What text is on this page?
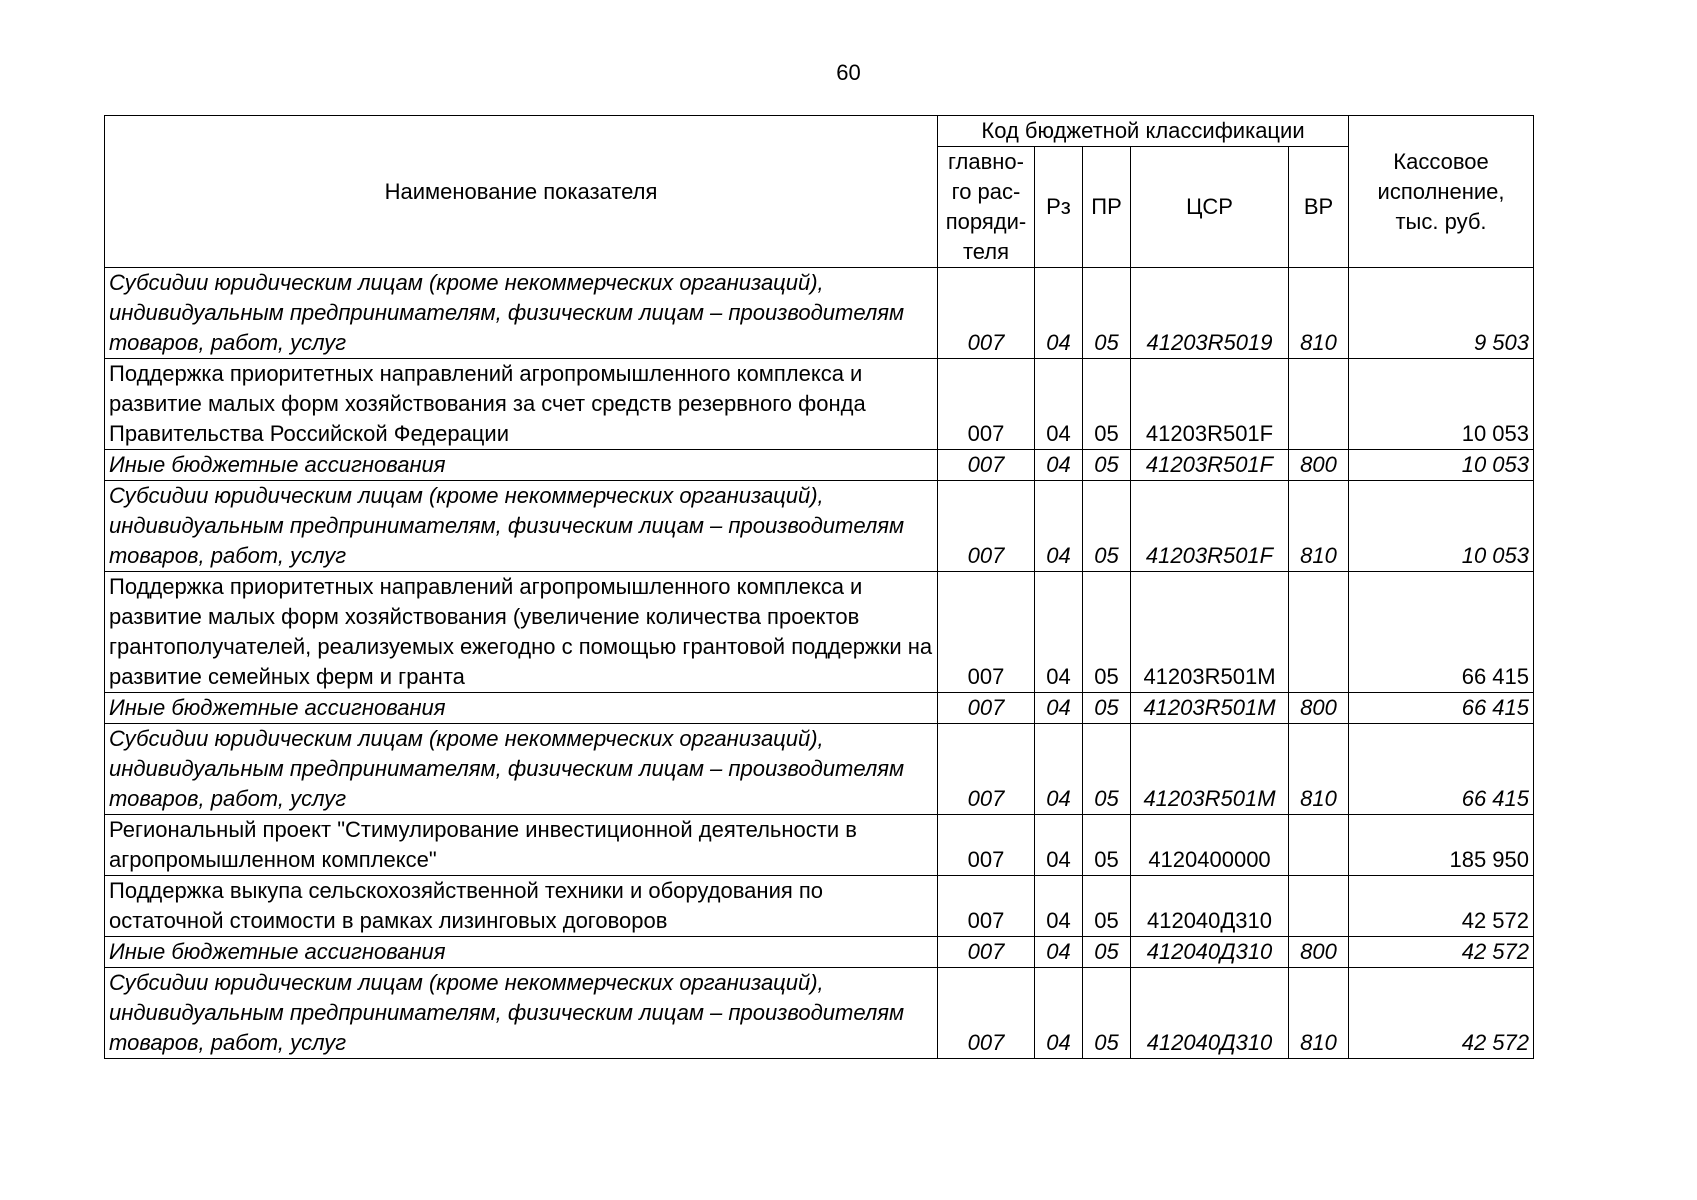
60
Наименование показателя	Код бюджетной классификации					Кассовое исполнение, тыс. руб.
	главно-
го рас-
поряди-
теля	Рз	ПР	ЦСР	ВР	
Субсидии юридическим лицам (кроме некоммерческих организаций), индивидуальным предпринимателям, физическим лицам – производителям товаров, работ, услуг	007	04	05	41203R5019	810	9 503
Поддержка приоритетных направлений агропромышленного комплекса и развитие малых форм хозяйствования за счет средств резервного фонда Правительства Российской Федерации	007	04	05	41203R501F		10 053
Иные бюджетные ассигнования	007	04	05	41203R501F	800	10 053
Субсидии юридическим лицам (кроме некоммерческих организаций), индивидуальным предпринимателям, физическим лицам – производителям товаров, работ, услуг	007	04	05	41203R501F	810	10 053
Поддержка приоритетных направлений агропромышленного комплекса и развитие малых форм хозяйствования (увеличение количества проектов грантополучателей, реализуемых ежегодно с помощью грантовой поддержки на развитие семейных ферм и гранта	007	04	05	41203R501M		66 415
Иные бюджетные ассигнования	007	04	05	41203R501M	800	66 415
Субсидии юридическим лицам (кроме некоммерческих организаций), индивидуальным предпринимателям, физическим лицам – производителям товаров, работ, услуг	007	04	05	41203R501M	810	66 415
Региональный проект "Стимулирование инвестиционной деятельности в агропромышленном комплексе"	007	04	05	4120400000		185 950
Поддержка выкупа сельскохозяйственной техники и оборудования по остаточной стоимости в рамках лизинговых договоров	007	04	05	412040Д310		42 572
Иные бюджетные ассигнования	007	04	05	412040Д310	800	42 572
Субсидии юридическим лицам (кроме некоммерческих организаций), индивидуальным предпринимателям, физическим лицам – производителям товаров, работ, услуг	007	04	05	412040Д310	810	42 572
